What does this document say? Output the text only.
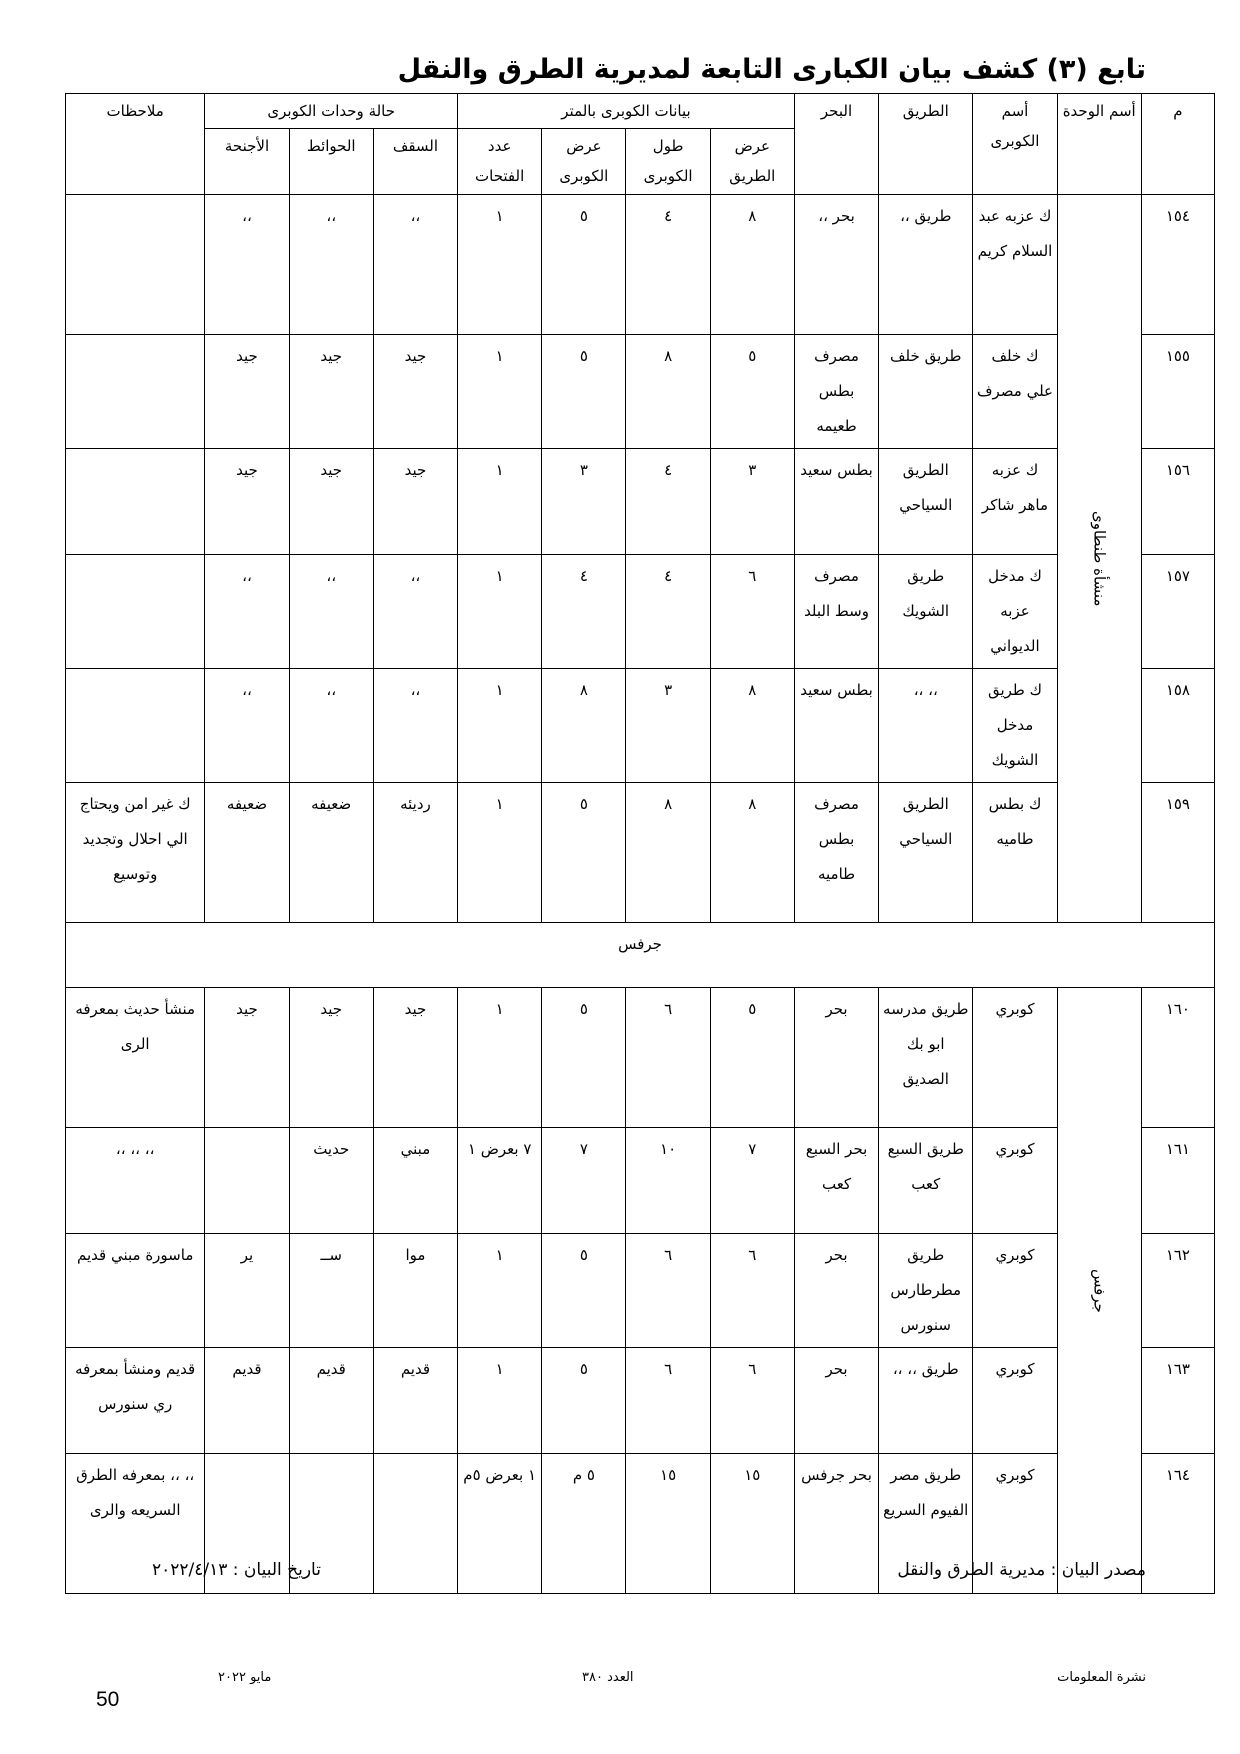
تابع (٣) كشف بيان الكبارى التابعة لمديرية الطرق والنقل
م	أسم الوحدة	أسم الكوبرى	الطريق	البحر	بيانات الكوبرى بالمتر				حالة وحدات الكوبرى			ملاحظات
					عرض الطريق	طول الكوبرى	عرض الكوبرى	عدد الفتحات	السقف	الحوائط	الأجنحة	
١٥٤	منشأة طنطاوى	ك عزبه عبد السلام كريم	طريق ،،	بحر ،،	٨	٤	٥	١	،،	،،	،،	
١٥٥		ك خلف علي مصرف	طريق خلف	مصرف بطس طعيمه	٥	٨	٥	١	جيد	جيد	جيد	
١٥٦		ك عزبه ماهر شاكر	الطريق السياحي	بطس سعيد	٣	٤	٣	١	جيد	جيد	جيد	
١٥٧		ك مدخل عزبه الديواني	طريق الشويك	مصرف وسط البلد	٦	٤	٤	١	،،	،،	،،	
١٥٨		ك طريق مدخل الشويك	،، ،،	بطس سعيد	٨	٣	٨	١	،،	،،	،،	
١٥٩		ك بطس طاميه	الطريق السياحي	مصرف بطس طاميه	٨	٨	٥	١	رديئه	ضعيفه	ضعيفه	ك غير امن ويحتاج الي احلال وتجديد وتوسيع
جرفس												
١٦٠	جرفس	كوبري	طريق مدرسه ابو بك الصديق	بحر	٥	٦	٥	١	جيد	جيد	جيد	منشأ حديث بمعرفه الرى
١٦١		كوبري	طريق السبع كعب	بحر السبع كعب	٧	١٠	٧	٧ بعرض ١	مبني	حديث		،، ،، ،،
١٦٢		كوبري	طريق مطرطارس سنورس	بحر	٦	٦	٥	١	موا	ســ	ير	ماسورة مبني قديم
١٦٣		كوبري	طريق ،، ،،	بحر	٦	٦	٥	١	قديم	قديم	قديم	قديم ومنشأ بمعرفه ري سنورس
١٦٤		كوبري	طريق مصر الفيوم السريع	بحر جرفس	١٥	١٥	٥ م	١ بعرض ٥م				،، ،، بمعرفه الطرق السريعه والرى
مصدر البيان : مديرية الطرق والنقل
تاريخ البيان : ٢٠٢٢/٤/١٣
نشرة المعلومات
العدد ٣٨٠
مايو ٢٠٢٢
50
